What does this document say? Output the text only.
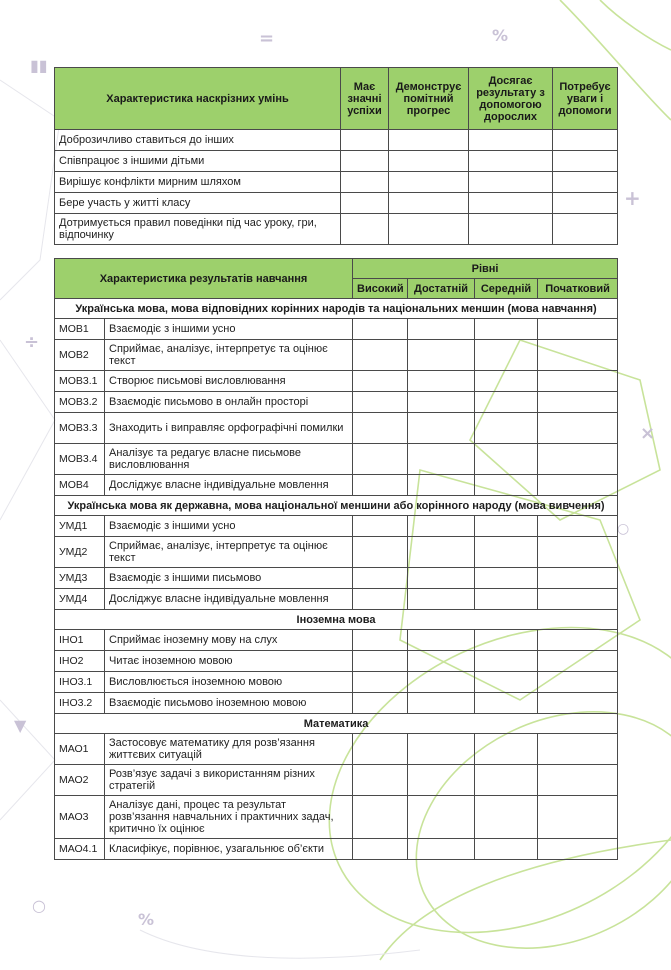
=	%
▮▮
+
÷
×
○
▼
○
%
Характеристика наскрізних умінь	Має значні успіхи	Демонструє помітний прогрес	Досягає результату з допомогою дорослих	Потребує уваги і допомоги
Доброзичливо ставиться до інших				
Співпрацює з іншими дітьми				
Вирішує конфлікти мирним шляхом				
Бере участь у житті класу				
Дотримується правил поведінки під час уроку, гри, відпочинку				
Характеристика результатів навчання		Рівні			
		Високий	Достатній	Середній	Початковий
Українська мова, мова відповідних корінних народів та національних меншин (мова навчання)					
МОВ1	Взаємодіє з іншими усно				
МОВ2	Сприймає, аналізує, інтерпретує та оцінює текст				
МОВ3.1	Створює письмові висловлювання				
МОВ3.2	Взаємодіє письмово в онлайн просторі				
МОВ3.3	Знаходить і виправляє орфографічні помилки				
МОВ3.4	Аналізує та редагує власне письмове висловлювання				
МОВ4	Досліджує власне індивідуальне мовлення				
Українська мова як державна, мова національної меншини або корінного народу (мова вивчення)					
УМД1	Взаємодіє з іншими усно				
УМД2	Сприймає, аналізує, інтерпретує та оцінює текст				
УМД3	Взаємодіє з іншими письмово				
УМД4	Досліджує власне індивідуальне мовлення				
Іноземна мова					
ІНО1	Сприймає іноземну мову на слух				
ІНО2	Читає іноземною мовою				
ІНО3.1	Висловлюється іноземною мовою				
ІНО3.2	Взаємодіє письмово іноземною мовою				
Математика					
МАО1	Застосовує математику для розв’язання життєвих ситуацій				
МАО2	Розв’язує задачі з використанням різних стратегій				
МАО3	Аналізує дані, процес та результат розв’язання навчальних і практичних задач, критично їх оцінює				
МАО4.1	Класифікує, порівнює, узагальнює об’єкти				
